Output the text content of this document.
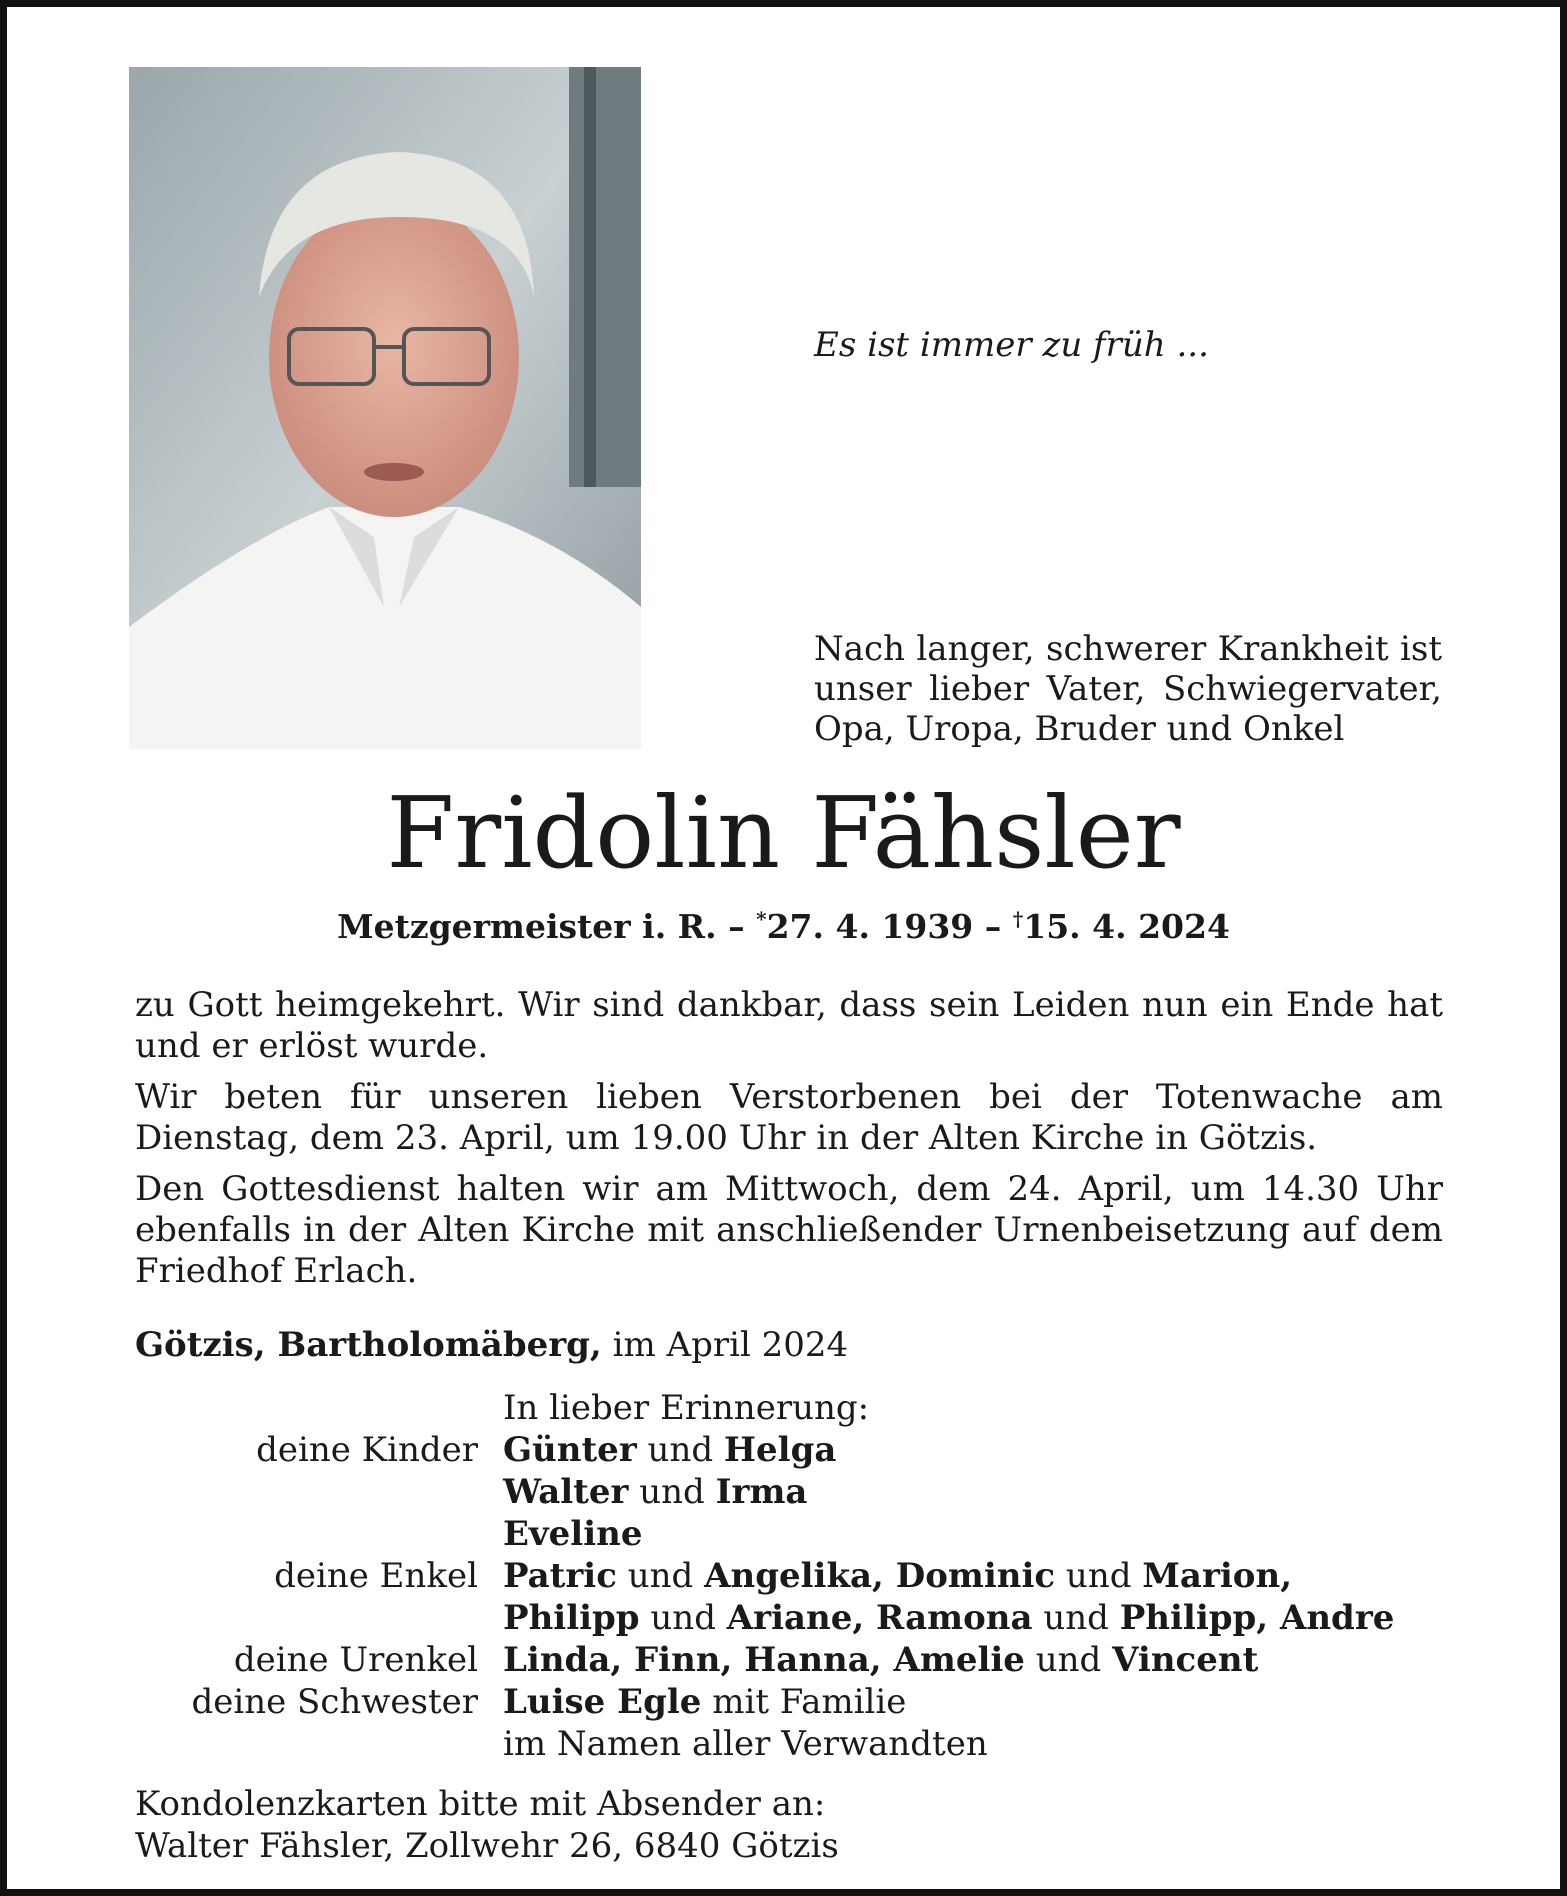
Es ist immer zu früh ...
Nach langer, schwerer Krankheit ist unser lieber Vater, Schwiegervater, Opa, Uropa, Bruder und Onkel
Fridolin Fähsler
Metzgermeister i. R. – *27. 4. 1939 – †15. 4. 2024

zu Gott heimgekehrt. Wir sind dankbar, dass sein Leiden nun ein Ende hat und er erlöst wurde.

Wir beten für unseren lieben Verstorbenen bei der Totenwache am Dienstag, dem 23. April, um 19.00 Uhr in der Alten Kirche in Götzis.

Den Gottesdienst halten wir am Mittwoch, dem 24. April, um 14.30 Uhr ebenfalls in der Alten Kirche mit anschließender Urnenbeisetzung auf dem Friedhof Erlach.

Götzis, Bartholomäberg, im April 2024
In lieber Erinnerung:
deine Kinder Günter und Helga
Walter und Irma
Eveline
deine Enkel Patric und Angelika, Dominic und Marion,
Philipp und Ariane, Ramona und Philipp, Andre
deine Urenkel Linda, Finn, Hanna, Amelie und Vincent
deine Schwester Luise Egle mit Familie
im Namen aller Verwandten
Kondolenzkarten bitte mit Absender an:
Walter Fähsler, Zollwehr 26, 6840 Götzis
